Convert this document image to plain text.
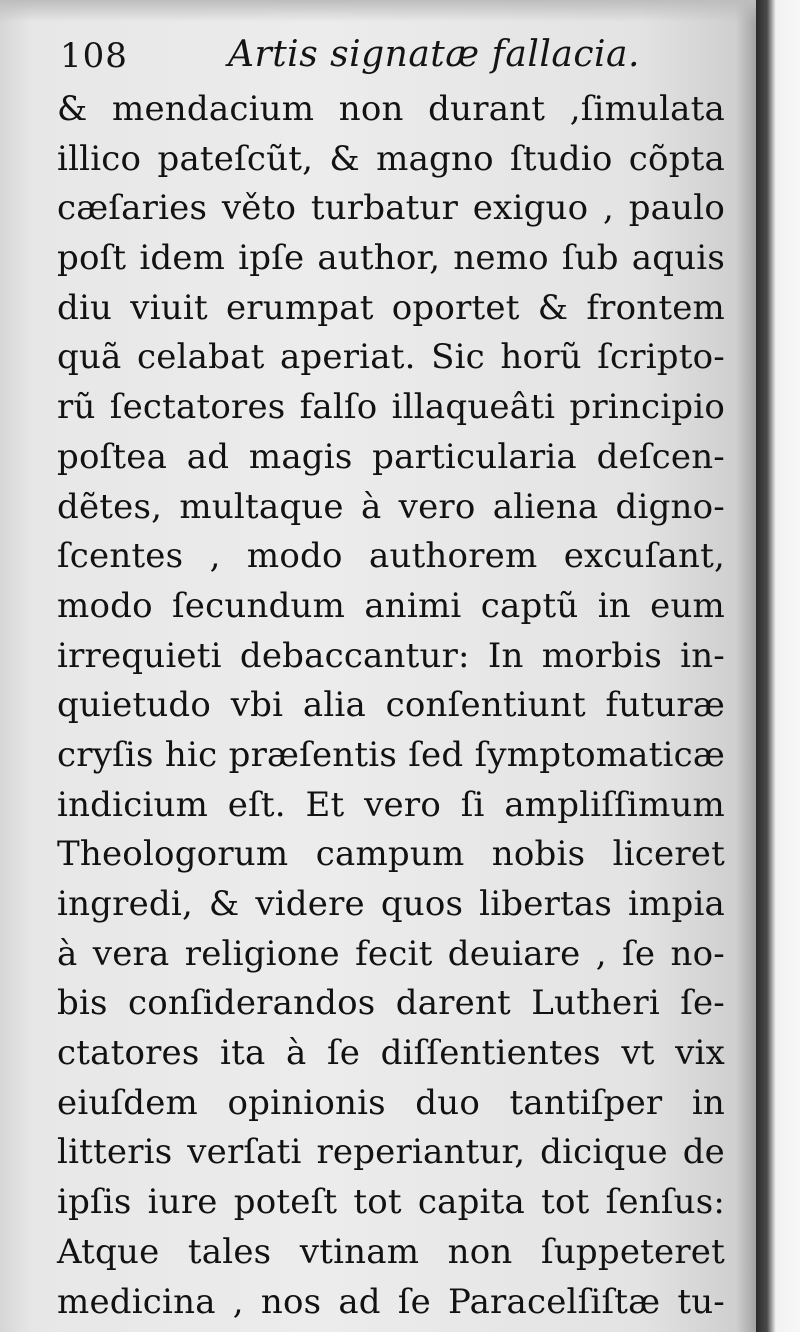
108	Artis signatæ fallacia.
& mendacium non durant ,ſimulata
illico pateſcũt, & magno ſtudio cõpta
cæſaries věto turbatur exiguo , paulo
poſt idem ipſe author, nemo ſub aquis
diu viuit erumpat oportet & frontem
quã celabat aperiat. Sic horũ ſcripto-
rũ ſectatores falſo illaqueâti principio
poſtea ad magis particularia deſcen-
dẽtes, multaque à vero aliena digno-
ſcentes , modo authorem excuſant,
modo ſecundum animi captũ in eum
irrequieti debaccantur: In morbis in-
quietudo vbi alia conſentiunt futuræ
cryſis hic præſentis ſed ſymptomaticæ
indicium eſt. Et vero ſi ampliſſimum
Theologorum campum nobis liceret
ingredi, & videre quos libertas impia
à vera religione fecit deuiare , ſe no-
bis conſiderandos darent Lutheri ſe-
ctatores ita à ſe diſſentientes vt vix
eiuſdem opinionis duo tantiſper in
litteris verſati reperiantur, dicique de
ipſis iure poteſt tot capita tot ſenſus:
Atque tales vtinam non ſuppeteret
medicina , nos ad ſe Paracelſiſtæ tu-
